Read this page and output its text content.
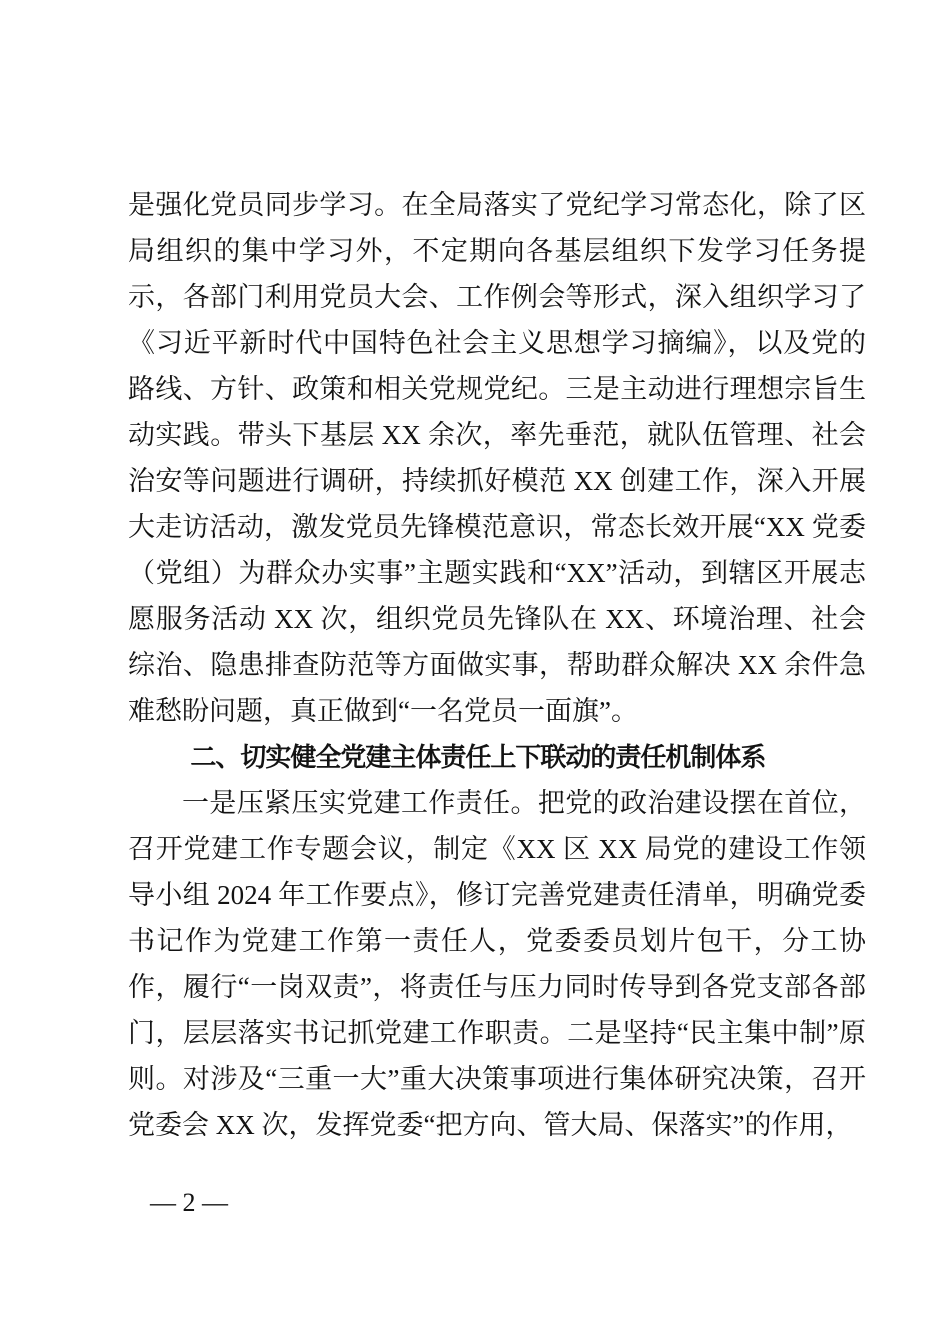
是强化党员同步学习。在全局落实了党纪学习常态化，除了区局组织的集中学习外，不定期向各基层组织下发学习任务提示，各部门利用党员大会、工作例会等形式，深入组织学习了《习近平新时代中国特色社会主义思想学习摘编》，以及党的路线、方针、政策和相关党规党纪。三是主动进行理想宗旨生动实践。带头下基层 XX 余次，率先垂范，就队伍管理、社会治安等问题进行调研，持续抓好模范 XX 创建工作，深入开展大走访活动，激发党员先锋模范意识，常态长效开展“XX 党委（党组）为群众办实事”主题实践和“XX”活动，到辖区开展志愿服务活动 XX 次，组织党员先锋队在 XX、环境治理、社会综治、隐患排查防范等方面做实事，帮助群众解决 XX 余件急难愁盼问题，真正做到“一名党员一面旗”。

二、切实健全党建主体责任上下联动的责任机制体系

一是压紧压实党建工作责任。把党的政治建设摆在首位，召开党建工作专题会议，制定《XX 区 XX 局党的建设工作领导小组 2024 年工作要点》，修订完善党建责任清单，明确党委书记作为党建工作第一责任人，党委委员划片包干，分工协作，履行“一岗双责”，将责任与压力同时传导到各党支部各部门，层层落实书记抓党建工作职责。二是坚持“民主集中制”原则。对涉及“三重一大”重大决策事项进行集体研究决策，召开党委会 XX 次，发挥党委“把方向、管大局、保落实”的作用，

— 2 —
